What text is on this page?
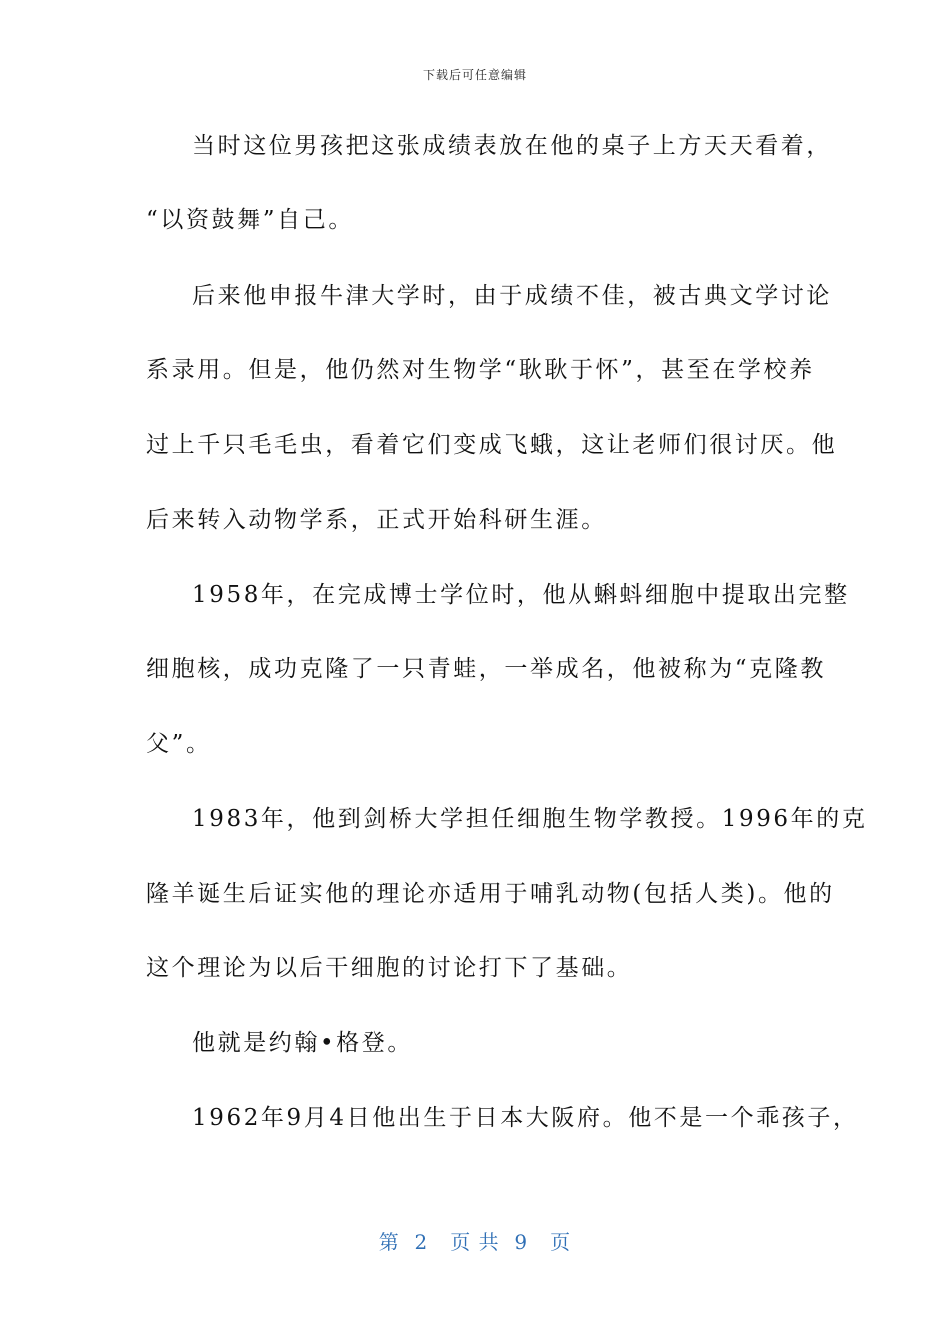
下载后可任意编辑
当时这位男孩把这张成绩表放在他的桌子上方天天看着，
“以资鼓舞”自己。
后来他申报牛津大学时，由于成绩不佳，被古典文学讨论
系录用。但是，他仍然对生物学“耿耿于怀”，甚至在学校养
过上千只毛毛虫，看着它们变成飞蛾，这让老师们很讨厌。他
后来转入动物学系，正式开始科研生涯。
1958年，在完成博士学位时，他从蝌蚪细胞中提取出完整
细胞核，成功克隆了一只青蛙，一举成名，他被称为“克隆教
父”。
1983年，他到剑桥大学担任细胞生物学教授。1996年的克
隆羊诞生后证实他的理论亦适用于哺乳动物(包括人类)。他的
这个理论为以后干细胞的讨论打下了基础。
他就是约翰•格登。
1962年9月4日他出生于日本大阪府。他不是一个乖孩子，
第  2   页 共  9   页
